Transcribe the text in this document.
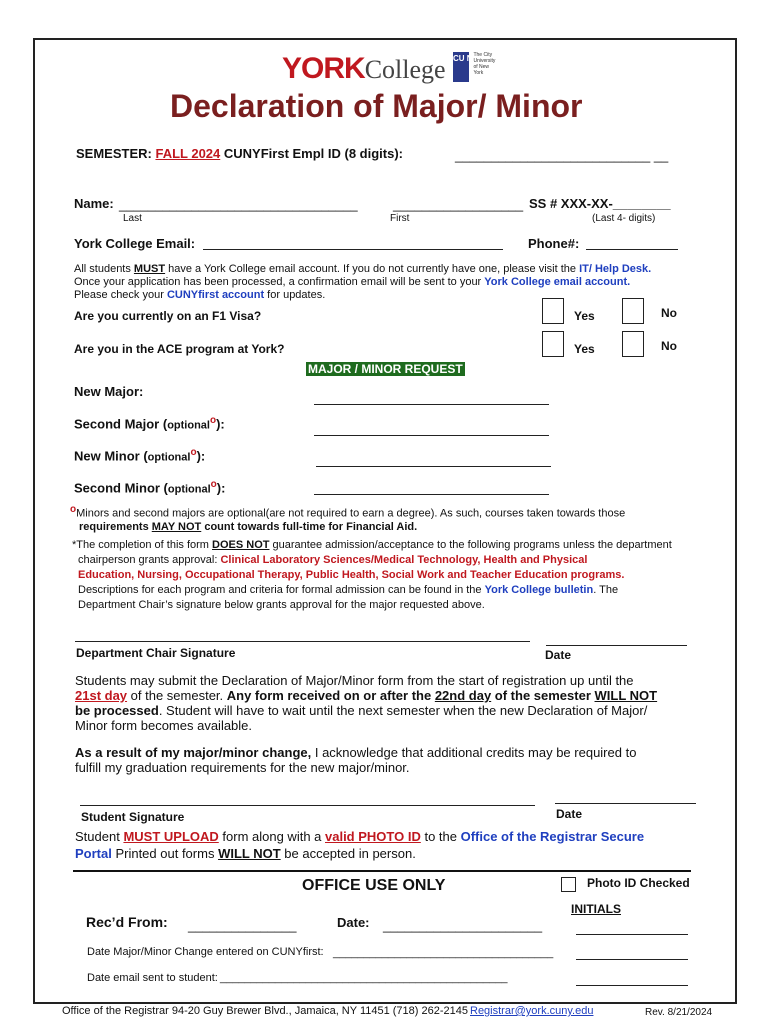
YORKCollege CU NY The City University of New York
Declaration of Major/ Minor
SEMESTER: FALL 2024 CUNYFirst Empl ID (8 digits):	___________________________ __
Name: _________________________________	__________________ SS # XXX-XX-________
Last	First	(Last 4- digits)
York College Email:	Phone#:
All students MUST have a York College email account. If you do not currently have one, please visit the IT/ Help Desk.
Once your application has been processed, a confirmation email will be sent to your York College email account.
Please check your CUNYfirst account for updates.
Are you currently on an F1 Visa?	Yes	No
Are you in the ACE program at York?	Yes	No
MAJOR / MINOR REQUEST
New Major:
Second Major (optional$^o$):
New Minor (optional$^o$):
Second Minor (optional$^o$):
$^o$Minors and second majors are optional(are not required to earn a degree). As such, courses taken towards those
requirements MAY NOT count towards full-time for Financial Aid.
*The completion of this form DOES NOT guarantee admission/acceptance to the following programs unless the department
chairperson grants approval: Clinical Laboratory Sciences/Medical Technology, Health and Physical
Education, Nursing, Occupational Therapy, Public Health, Social Work and Teacher Education programs.
Descriptions for each program and criteria for formal admission can be found in the York College bulletin. The
Department Chair’s signature below grants approval for the major requested above.
Department Chair Signature	Date
Students may submit the Declaration of Major/Minor form from the start of registration up until the
21st day of the semester. Any form received on or after the 22nd day of the semester WILL NOT
be processed. Student will have to wait until the next semester when the new Declaration of Major/
Minor form becomes available.
As a result of my major/minor change, I acknowledge that additional credits may be required to
fulfill my graduation requirements for the new major/minor.
Student Signature	Date
Student MUST UPLOAD form along with a valid PHOTO ID to the Office of the Registrar Secure
Portal Printed out forms WILL NOT be accepted in person.
OFFICE USE ONLY	Photo ID Checked
INITIALS
Rec’d From: _______________	Date: ______________________
Date Major/Minor Change entered on CUNYfirst: ____________________________________
Date email sent to student: _______________________________________________
Office of the Registrar 94-20 Guy Brewer Blvd., Jamaica, NY 11451 (718) 262-2145 Registrar@york.cuny.edu	Rev. 8/21/2024
